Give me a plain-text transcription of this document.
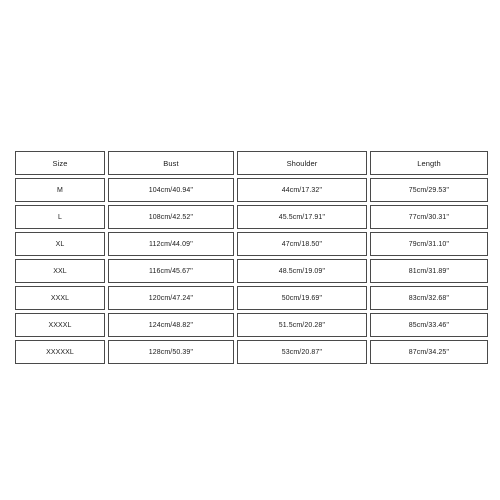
Size	Bust	Shoulder	Length
M	104cm/40.94''	44cm/17.32''	75cm/29.53''
L	108cm/42.52''	45.5cm/17.91''	77cm/30.31''
XL	112cm/44.09''	47cm/18.50''	79cm/31.10''
XXL	116cm/45.67''	48.5cm/19.09''	81cm/31.89''
XXXL	120cm/47.24''	50cm/19.69''	83cm/32.68''
XXXXL	124cm/48.82''	51.5cm/20.28''	85cm/33.46''
XXXXXL	128cm/50.39''	53cm/20.87''	87cm/34.25''
